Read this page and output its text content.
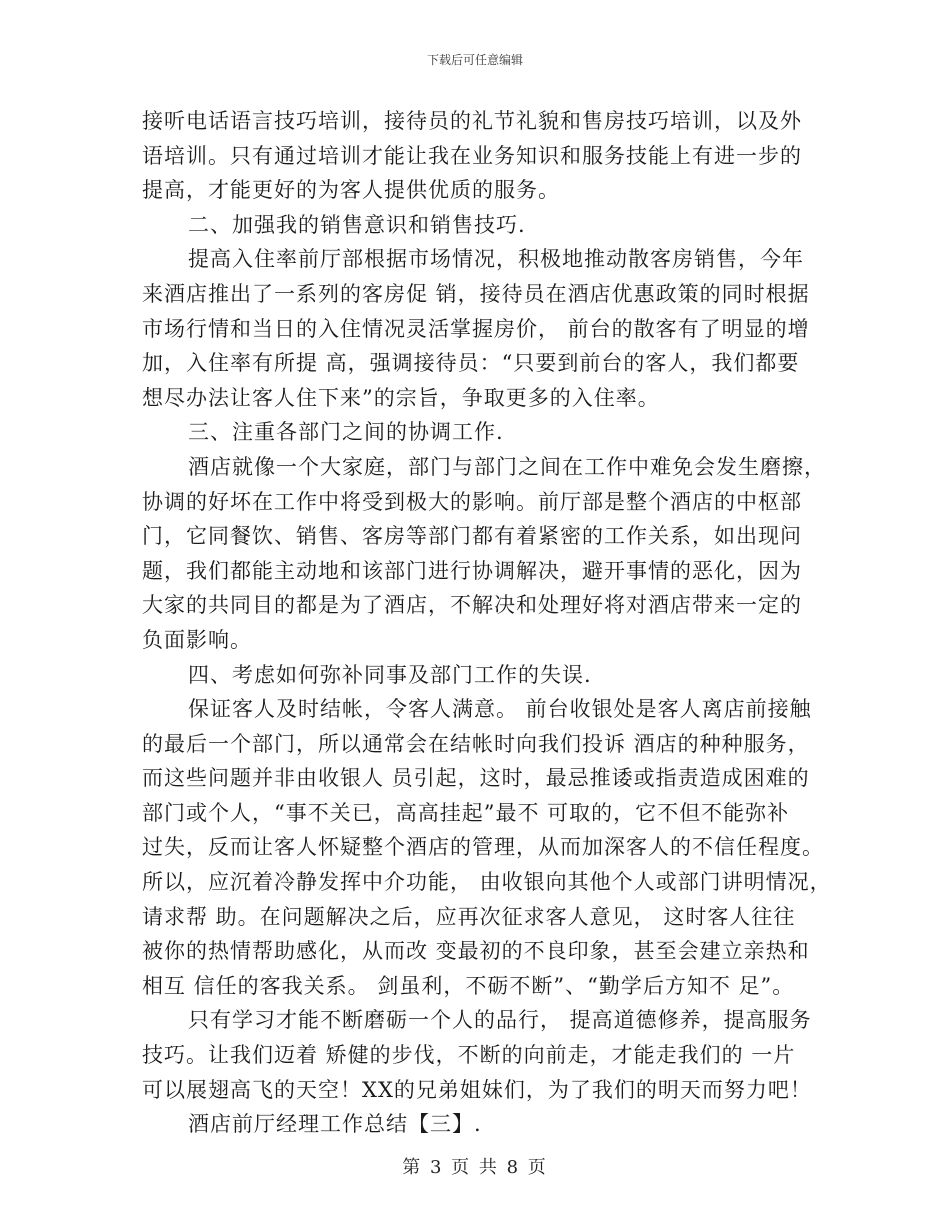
下载后可任意编辑
接听电话语言技巧培训，接待员的礼节礼貌和售房技巧培训，以及外
语培训。只有通过培训才能让我在业务知识和服务技能上有进一步的
提高，才能更好的为客人提供优质的服务。
二、加强我的销售意识和销售技巧.
提高入住率前厅部根据市场情况，积极地推动散客房销售，今年
来酒店推出了一系列的客房促 销，接待员在酒店优惠政策的同时根据
市场行情和当日的入住情况灵活掌握房价， 前台的散客有了明显的增
加，入住率有所提 高，强调接待员：“只要到前台的客人，我们都要
想尽办法让客人住下来”的宗旨，争取更多的入住率。
三、注重各部门之间的协调工作.
酒店就像一个大家庭，部门与部门之间在工作中难免会发生磨擦，
协调的好坏在工作中将受到极大的影响。前厅部是整个酒店的中枢部
门，它同餐饮、销售、客房等部门都有着紧密的工作关系，如出现问
题，我们都能主动地和该部门进行协调解决，避开事情的恶化，因为
大家的共同目的都是为了酒店，不解决和处理好将对酒店带来一定的
负面影响。
四、考虑如何弥补同事及部门工作的失误.
保证客人及时结帐，令客人满意。 前台收银处是客人离店前接触
的最后一个部门，所以通常会在结帐时向我们投诉 酒店的种种服务，
而这些问题并非由收银人 员引起，这时，最忌推诿或指责造成困难的
部门或个人，“事不关已，高高挂起”最不 可取的，它不但不能弥补
过失，反而让客人怀疑整个酒店的管理，从而加深客人的不信任程度。
所以，应沉着冷静发挥中介功能， 由收银向其他个人或部门讲明情况，
请求帮 助。在问题解决之后，应再次征求客人意见， 这时客人往往
被你的热情帮助感化，从而改 变最初的不良印象，甚至会建立亲热和
相互 信任的客我关系。 剑虽利，不砺不断”、“勤学后方知不 足”。
只有学习才能不断磨砺一个人的品行， 提高道德修养，提高服务
技巧。让我们迈着 矫健的步伐，不断的向前走，才能走我们的 一片
可以展翅高飞的天空！XX的兄弟姐妹们，为了我们的明天而努力吧！
酒店前厅经理工作总结【三】.
第 3 页 共 8 页
